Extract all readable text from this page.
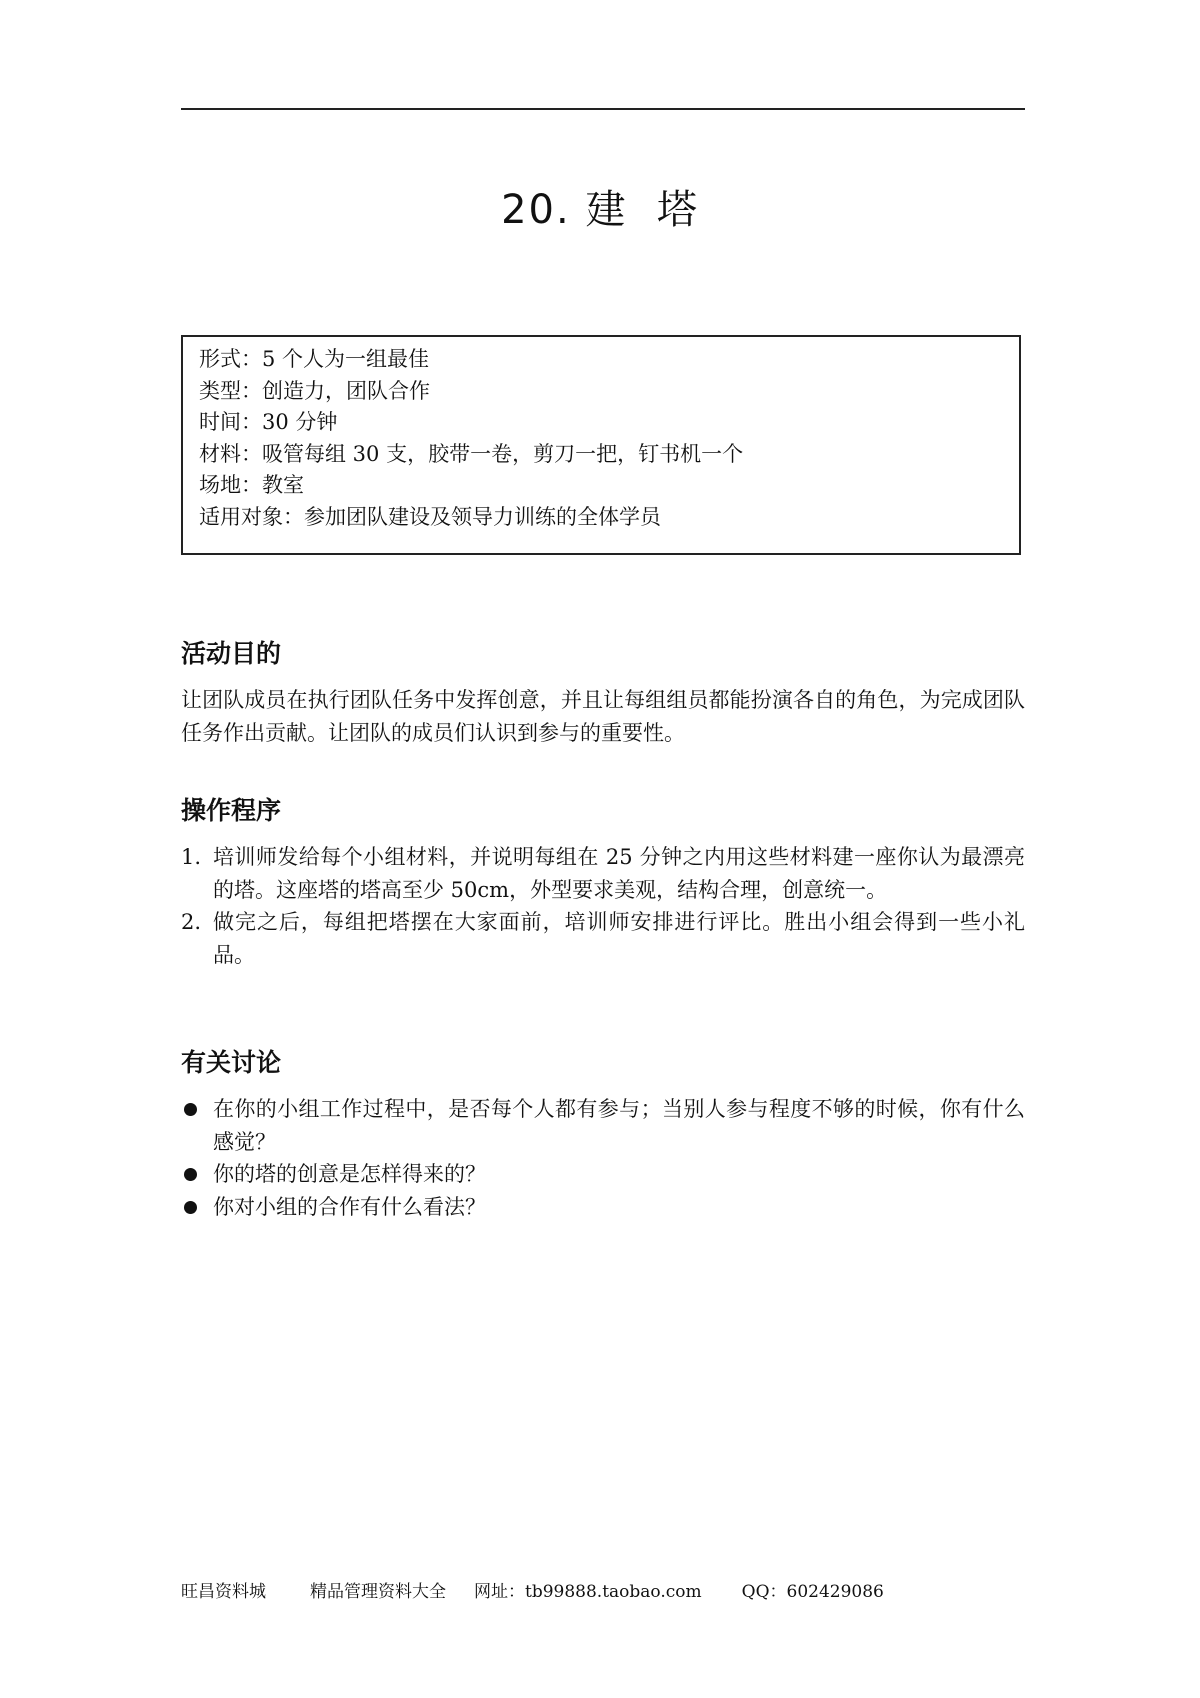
20. 建  塔
形式：5 个人为一组最佳
类型：创造力，团队合作
时间：30 分钟
材料：吸管每组 30 支，胶带一卷，剪刀一把，钉书机一个
场地：教室
适用对象：参加团队建设及领导力训练的全体学员
活动目的

让团队成员在执行团队任务中发挥创意，并且让每组组员都能扮演各自的角色，为完成团队任务作出贡献。让团队的成员们认识到参与的重要性。

操作程序
1. 培训师发给每个小组材料，并说明每组在 25 分钟之内用这些材料建一座你认为最漂亮的塔。这座塔的塔高至少 50cm，外型要求美观，结构合理，创意统一。
2. 做完之后，每组把塔摆在大家面前，培训师安排进行评比。胜出小组会得到一些小礼品。
有关讨论
在你的小组工作过程中，是否每个人都有参与；当别人参与程度不够的时候，你有什么感觉？
你的塔的创意是怎样得来的？
你对小组的合作有什么看法？
旺昌资料城	精品管理资料大全 网址：tb99888.taobao.com QQ：602429086
